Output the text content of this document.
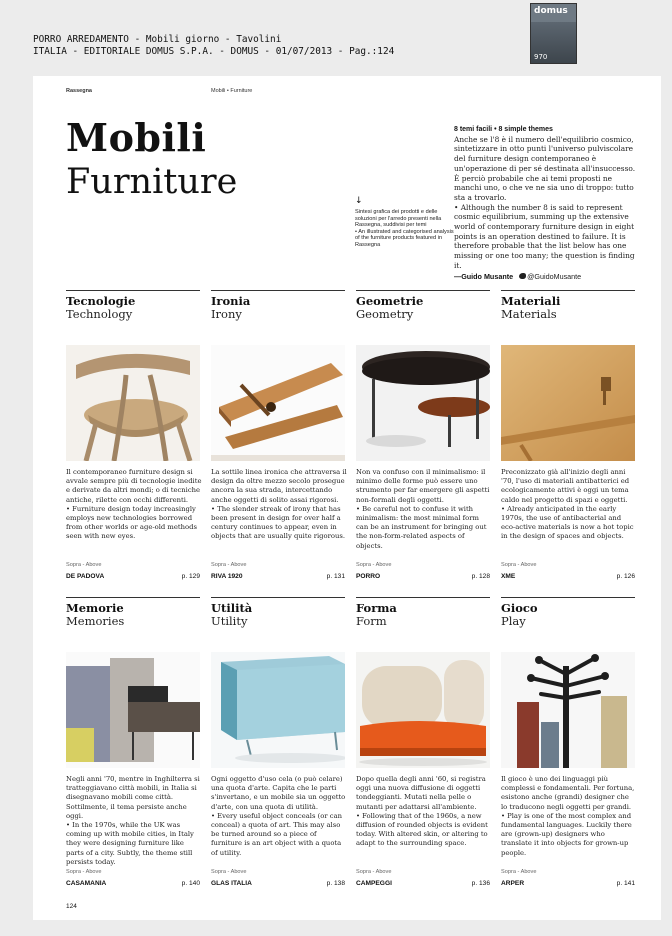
PORRO ARREDAMENTO - Mobili giorno - Tavolini
ITALIA - EDITORIALE DOMUS S.P.A. - DOMUS - 01/07/2013 - Pag.:124
domus
970
Rassegna	Mobili • Furniture
Mobili
Furniture	↓
Sintesi grafica dei prodotti e delle soluzioni per l'arredo presenti nella Rassegna, suddivisi per temi
• An illustrated and categorised analysis of the furniture products featured in Rassegna
8 temi facili • 8 simple themes
Anche se l'8 è il numero dell'equilibrio cosmico, sintetizzare in otto punti l'universo pulviscolare del furniture design contemporaneo è un'operazione di per sé destinata all'insuccesso. È perciò probabile che ai temi proposti ne manchi uno, o che ve ne sia uno di troppo: tutto sta a trovarlo.
• Although the number 8 is said to represent cosmic equilibrium, summing up the extensive world of contemporary furniture design in eight points is an operation destined to failure. It is therefore probable that the list below has one missing or one too many; the question is finding it.
—Guido Musante @GuidoMusante
Tecnologie
Technology
Il contemporaneo furniture design si avvale sempre più di tecnologie inedite e derivate da altri mondi; o di tecniche antiche, rilette con occhi differenti.
• Furniture design today increasingly employs new technologies borrowed from other worlds or age-old methods seen with new eyes.
Sopra - Above
DE PADOVA	p. 129
Ironia
Irony
La sottile linea ironica che attraversa il design da oltre mezzo secolo prosegue ancora la sua strada, intercettando anche oggetti di solito assai rigorosi.
• The slender streak of irony that has been present in design for over half a century continues to appear, even in objects that are usually quite rigorous.
Sopra - Above
RIVA 1920	p. 131
Geometrie
Geometry
Non va confuso con il minimalismo: il minimo delle forme può essere uno strumento per far emergere gli aspetti non-formali degli oggetti.
• Be careful not to confuse it with minimalism: the most minimal form can be an instrument for bringing out the non-form-related aspects of objects.
Sopra - Above
PORRO	p. 128
Materiali
Materials
Preconizzato già all'inizio degli anni '70, l'uso di materiali antibatterici ed ecologicamente attivi è oggi un tema caldo nel progetto di spazi e oggetti.
• Already anticipated in the early 1970s, the use of antibacterial and eco-active materials is now a hot topic in the design of spaces and objects.
Sopra - Above
XME	p. 126
Memorie
Memories
Negli anni '70, mentre in Inghilterra si tratteggiavano città mobili, in Italia si disegnavano mobili come città. Sottilmente, il tema persiste anche oggi.
• In the 1970s, while the UK was coming up with mobile cities, in Italy they were designing furniture like parts of a city. Subtly, the theme still persists today.
Sopra - Above
CASAMANIA	p. 140
Utilità
Utility
Ogni oggetto d'uso cela (o può celare) una quota d'arte. Capita che le parti s'invertano, e un mobile sia un oggetto d'arte, con una quota di utilità.
• Every useful object conceals (or can conceal) a quota of art. This may also be turned around so a piece of furniture is an art object with a quota of utility.
Sopra - Above
GLAS ITALIA	p. 138
Forma
Form
Dopo quella degli anni '60, si registra oggi una nuova diffusione di oggetti tondeggianti. Mutati nella pelle o mutanti per adattarsi all'ambiente.
• Following that of the 1960s, a new diffusion of rounded objects is evident today. With altered skin, or altering to adapt to the surrounding space.
Sopra - Above
CAMPEGGI	p. 136
Gioco
Play
Il gioco è uno dei linguaggi più complessi e fondamentali. Per fortuna, esistono anche (grandi) designer che lo traducono negli oggetti per grandi.
• Play is one of the most complex and fundamental languages. Luckily there are (grown-up) designers who translate it into objects for grown-up people.
Sopra - Above
ARPER	p. 141
124
